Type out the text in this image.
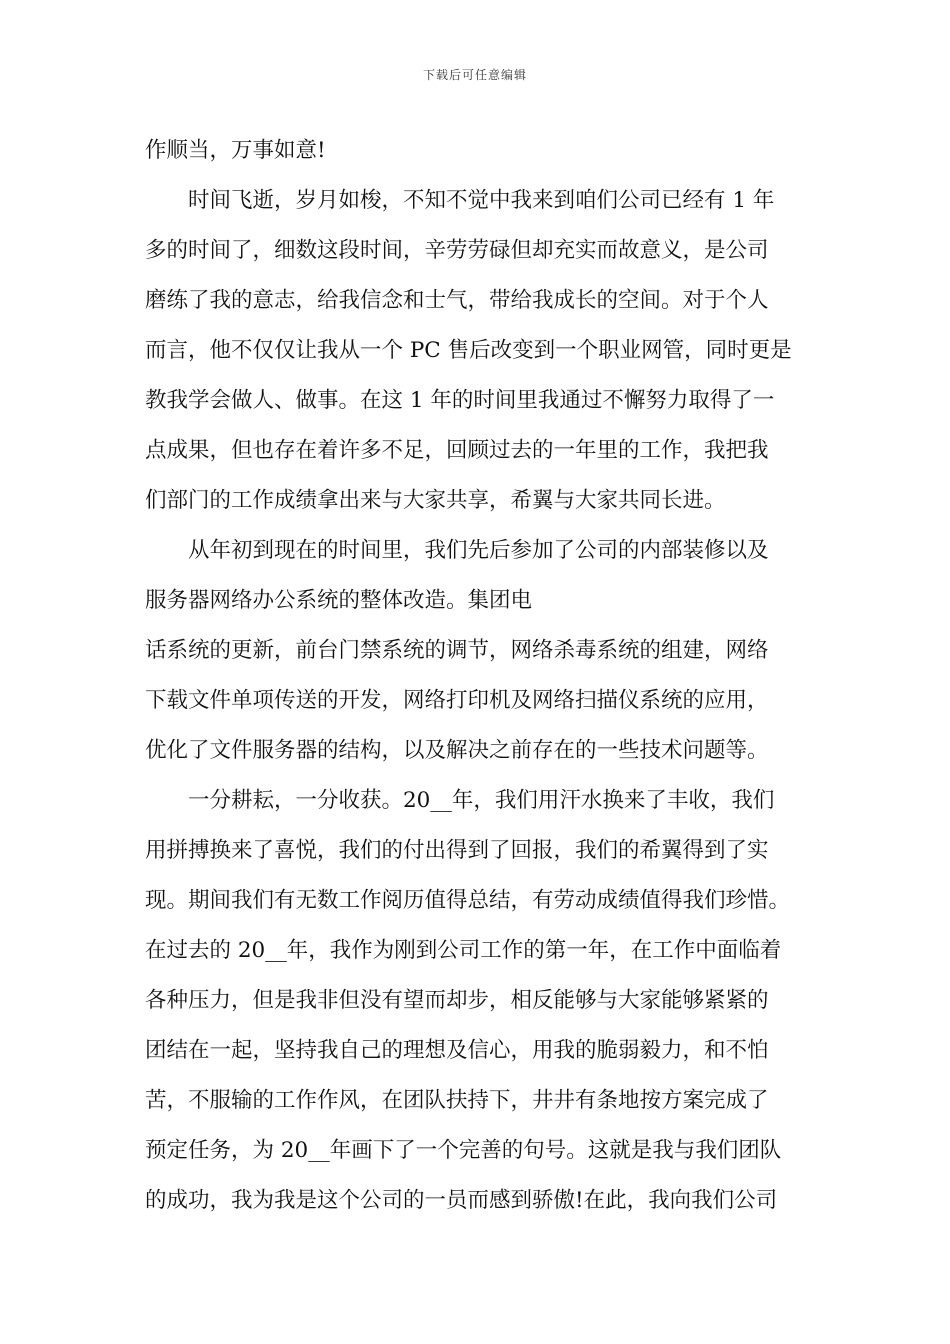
下载后可任意编辑
作顺当，万事如意!
时间飞逝，岁月如梭，不知不觉中我来到咱们公司已经有 1 年
多的时间了，细数这段时间，辛劳劳碌但却充实而故意义，是公司
磨练了我的意志，给我信念和士气，带给我成长的空间。对于个人
而言，他不仅仅让我从一个 PC 售后改变到一个职业网管，同时更是
教我学会做人、做事。在这 1 年的时间里我通过不懈努力取得了一
点成果，但也存在着许多不足，回顾过去的一年里的工作，我把我
们部门的工作成绩拿出来与大家共享，希翼与大家共同长进。
从年初到现在的时间里，我们先后参加了公司的内部装修以及
服务器网络办公系统的整体改造。集团电
话系统的更新，前台门禁系统的调节，网络杀毒系统的组建，网络
下载文件单项传送的开发，网络打印机及网络扫描仪系统的应用，
优化了文件服务器的结构，以及解决之前存在的一些技术问题等。
一分耕耘，一分收获。20__年，我们用汗水换来了丰收，我们
用拼搏换来了喜悦，我们的付出得到了回报，我们的希翼得到了实
现。期间我们有无数工作阅历值得总结，有劳动成绩值得我们珍惜。
在过去的 20__年，我作为刚到公司工作的第一年，在工作中面临着
各种压力，但是我非但没有望而却步，相反能够与大家能够紧紧的
团结在一起，坚持我自己的理想及信心，用我的脆弱毅力，和不怕
苦，不服输的工作作风，在团队扶持下，井井有条地按方案完成了
预定任务，为 20__年画下了一个完善的句号。这就是我与我们团队
的成功，我为我是这个公司的一员而感到骄傲!在此，我向我们公司
